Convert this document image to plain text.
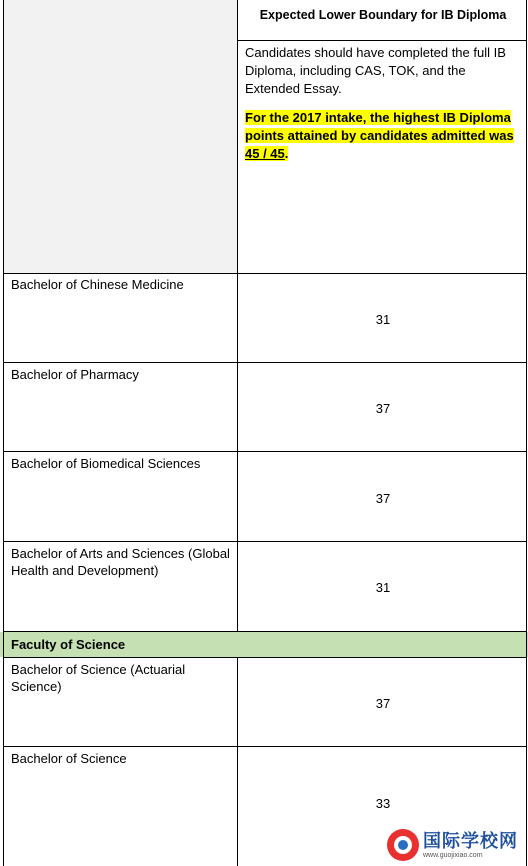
Expected Lower Boundary for IB Diploma
Candidates should have completed the full IB Diploma, including CAS, TOK, and the Extended Essay.
For the 2017 intake, the highest IB Diploma points attained by candidates admitted was 45 / 45.
Bachelor of Chinese Medicine
31
Bachelor of Pharmacy
37
Bachelor of Biomedical Sciences
37
Bachelor of Arts and Sciences (Global Health and Development)
31
Faculty of Science
Bachelor of Science (Actuarial Science)
37
Bachelor of Science
33
国际学校网
www.guojixiao.com
